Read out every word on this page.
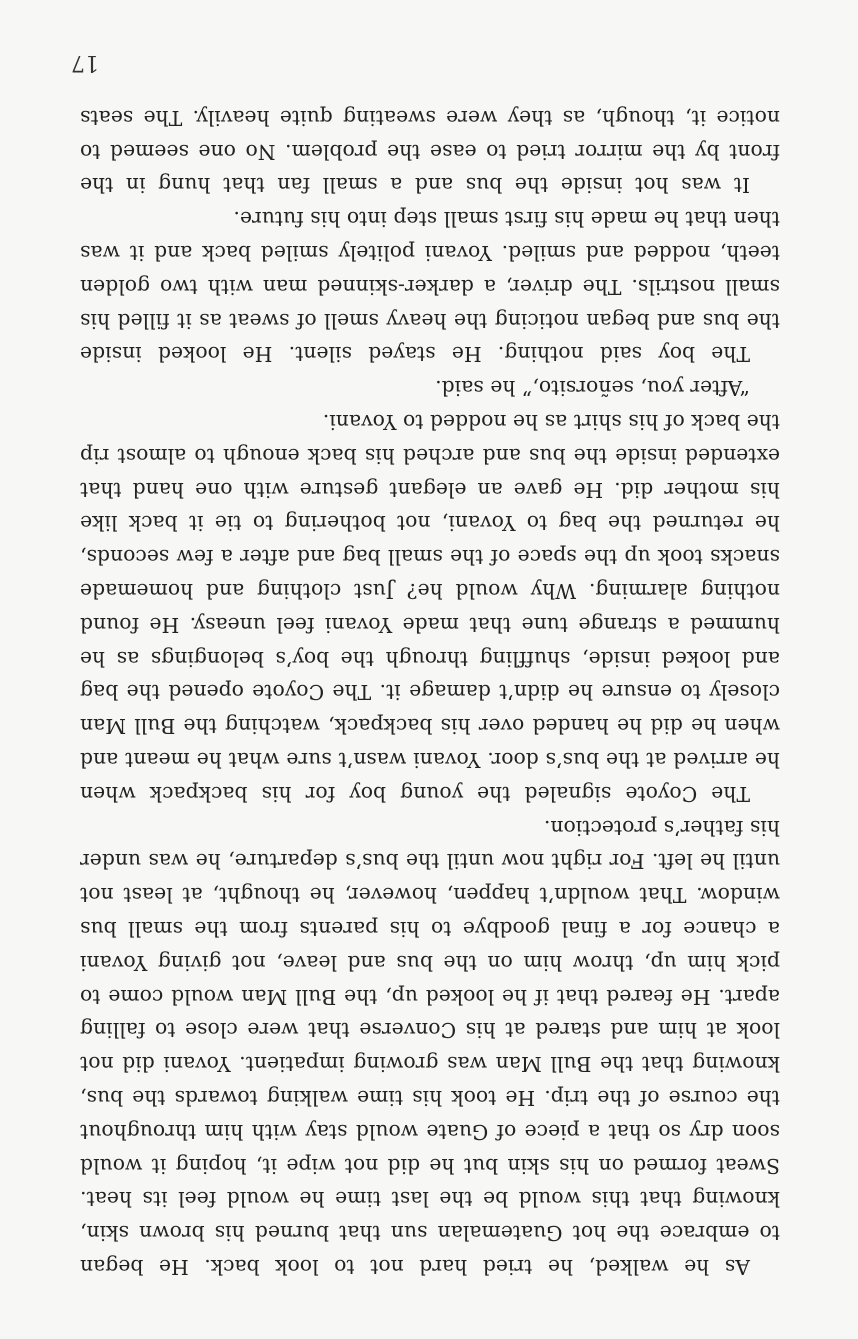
As he walked, he tried hard not to look back. He began
to embrace the hot Guatemalan sun that burned his brown skin,
knowing that this would be the last time he would feel its heat.
Sweat formed on his skin but he did not wipe it, hoping it would
soon dry so that a piece of Guate would stay with him throughout
the course of the trip. He took his time walking towards the bus,
knowing that the Bull Man was growing impatient. Yovani did not
look at him and stared at his Converse that were close to falling
apart. He feared that if he looked up, the Bull Man would come to
pick him up, throw him on the bus and leave, not giving Yovani
a chance for a final goodbye to his parents from the small bus
window. That wouldn’t happen, however, he thought, at least not
until he left. For right now until the bus’s departure, he was under
his father’s protection.
The Coyote signaled the young boy for his backpack when
he arrived at the bus’s door. Yovani wasn’t sure what he meant and
when he did he handed over his backpack, watching the Bull Man
closely to ensure he didn’t damage it. The Coyote opened the bag
and looked inside, shuffling through the boy’s belongings as he
hummed a strange tune that made Yovani feel uneasy. He found
nothing alarming. Why would he? Just clothing and homemade
snacks took up the space of the small bag and after a few seconds,
he returned the bag to Yovani, not bothering to tie it back like
his mother did. He gave an elegant gesture with one hand that
extended inside the bus and arched his back enough to almost rip
the back of his shirt as he nodded to Yovani.
“After you, señorsito,” he said.
The boy said nothing. He stayed silent. He looked inside
the bus and began noticing the heavy smell of sweat as it filled his
small nostrils. The driver, a darker-skinned man with two golden
teeth, nodded and smiled. Yovani politely smiled back and it was
then that he made his first small step into his future.
It was hot inside the bus and a small fan that hung in the
front by the mirror tried to ease the problem. No one seemed to
notice it, though, as they were sweating quite heavily. The seats
17
